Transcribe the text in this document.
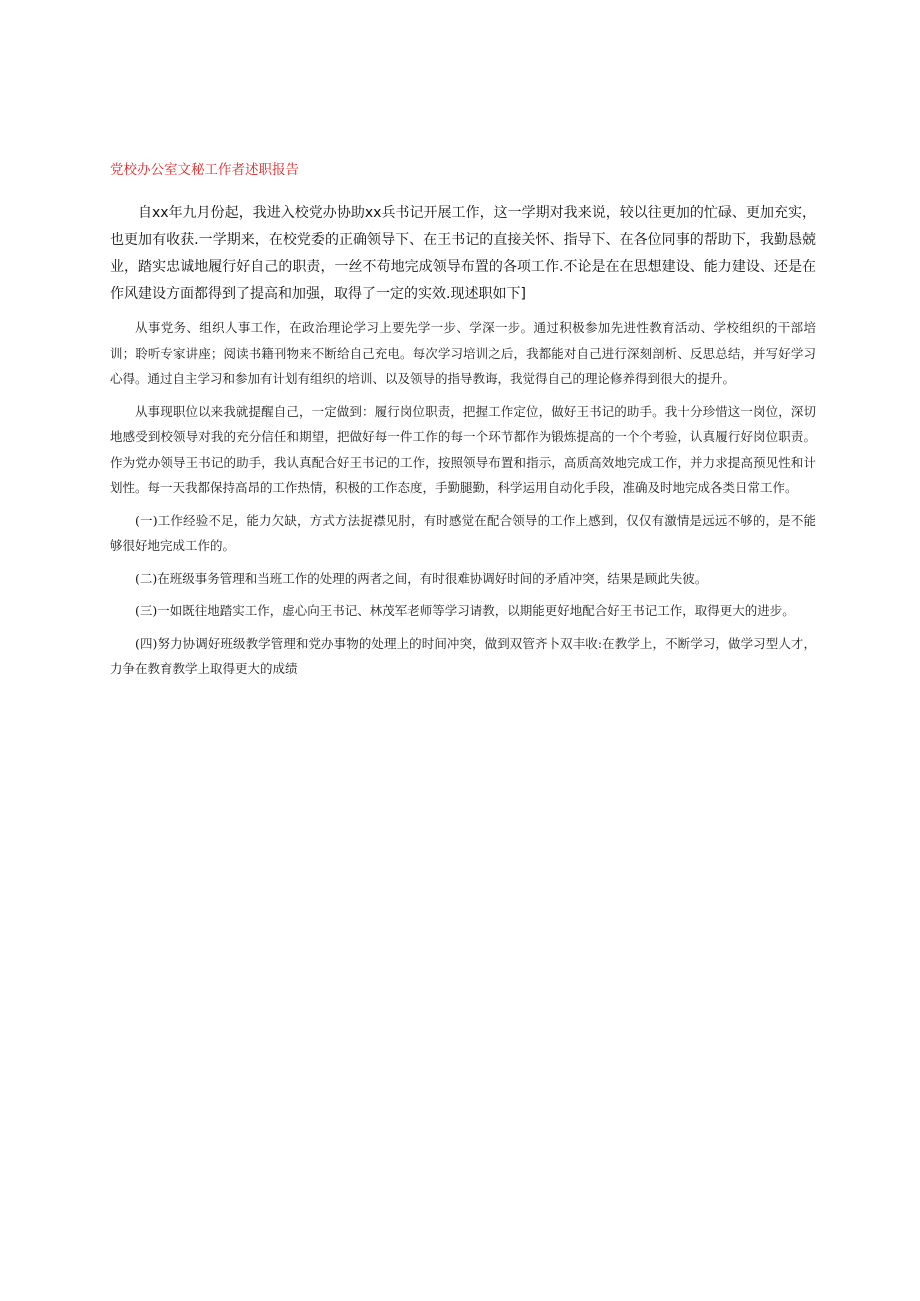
党校办公室文秘工作者述职报告

自xx年九月份起，我进入校党办协助xx兵书记开展工作，这一学期对我来说，较以往更加的忙碌、更加充实，也更加有收获.一学期来，在校党委的正确领导下、在王书记的直接关怀、指导下、在各位同事的帮助下，我勤恳兢业，踏实忠诚地履行好自己的职责，一丝不苟地完成领导布置的各项工作.不论是在在思想建设、能力建设、还是在作风建设方面都得到了提高和加强，取得了一定的实效.现述职如下]

从事党务、组织人事工作，在政治理论学习上要先学一步、学深一步。通过积极参加先进性教育活动、学校组织的干部培训；聆听专家讲座；阅读书籍刊物来不断给自己充电。每次学习培训之后，我都能对自己进行深刻剖析、反思总结，并写好学习心得。通过自主学习和参加有计划有组织的培训、以及领导的指导教诲，我觉得自己的理论修养得到很大的提升。

从事现职位以来我就提醒自己，一定做到：履行岗位职责，把握工作定位，做好王书记的助手。我十分珍惜这一岗位，深切地感受到校领导对我的充分信任和期望，把做好每一件工作的每一个环节都作为锻炼提高的一个个考验，认真履行好岗位职责。作为党办领导王书记的助手，我认真配合好王书记的工作，按照领导布置和指示，高质高效地完成工作，并力求提高预见性和计划性。每一天我都保持高昂的工作热情，积极的工作态度，手勤腿勤，科学运用自动化手段，准确及时地完成各类日常工作。

(一)工作经验不足，能力欠缺，方式方法捉襟见肘，有时感觉在配合领导的工作上感到，仅仅有激情是远远不够的，是不能够很好地完成工作的。

(二)在班级事务管理和当班工作的处理的两者之间，有时很难协调好时间的矛盾冲突，结果是顾此失彼。

(三)一如既往地踏实工作，虚心向王书记、林茂军老师等学习请教，以期能更好地配合好王书记工作，取得更大的进步。

(四)努力协调好班级教学管理和党办事物的处理上的时间冲突，做到双管齐卜双丰收:在教学上，不断学习，做学习型人才，力争在教育教学上取得更大的成绩
